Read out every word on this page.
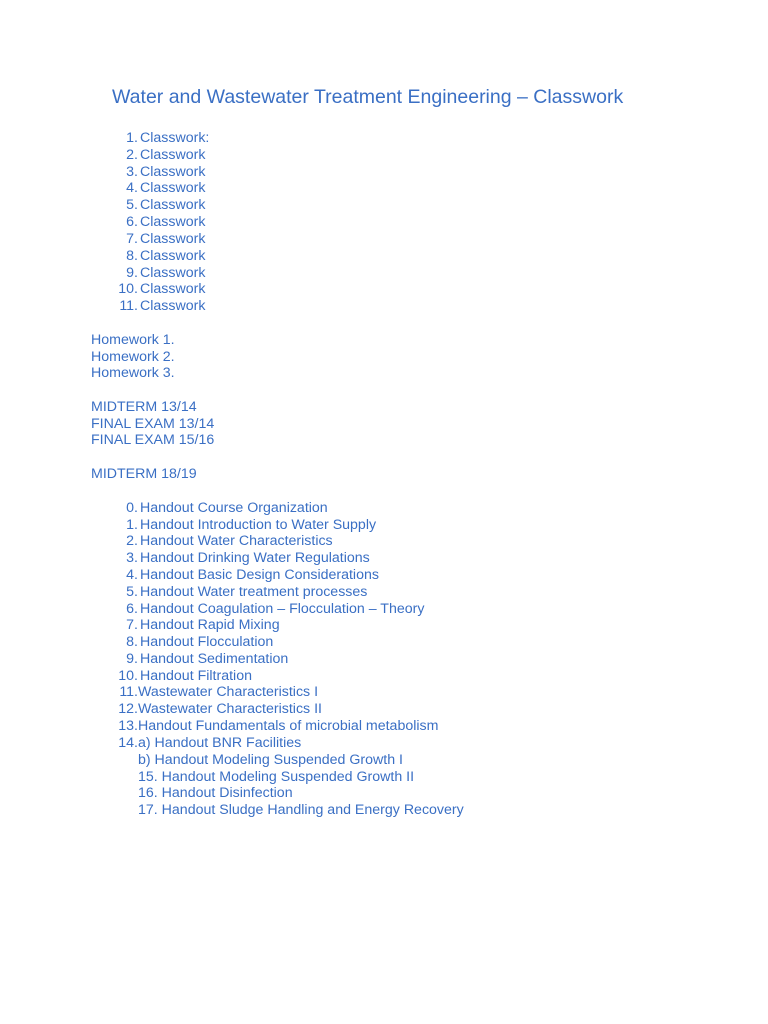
Water and Wastewater Treatment Engineering – Classwork
1. Classwork:
2. Classwork
3. Classwork
4. Classwork
5. Classwork
6. Classwork
7. Classwork
8. Classwork
9. Classwork
10. Classwork
11. Classwork
Homework 1.
Homework 2.
Homework 3.
MIDTERM 13/14
FINAL EXAM 13/14
FINAL EXAM 15/16
MIDTERM 18/19
0. Handout Course Organization
1. Handout Introduction to Water Supply
2. Handout Water Characteristics
3. Handout Drinking Water Regulations
4. Handout Basic Design Considerations
5. Handout Water treatment processes
6. Handout Coagulation – Flocculation – Theory
7. Handout Rapid Mixing
8. Handout Flocculation
9. Handout Sedimentation
10. Handout Filtration
11. Wastewater Characteristics I
12. Wastewater Characteristics II
13. Handout Fundamentals of microbial metabolism
14. a) Handout BNR Facilities
b) Handout Modeling Suspended Growth I
15. Handout Modeling Suspended Growth II
16. Handout Disinfection
17. Handout Sludge Handling and Energy Recovery
